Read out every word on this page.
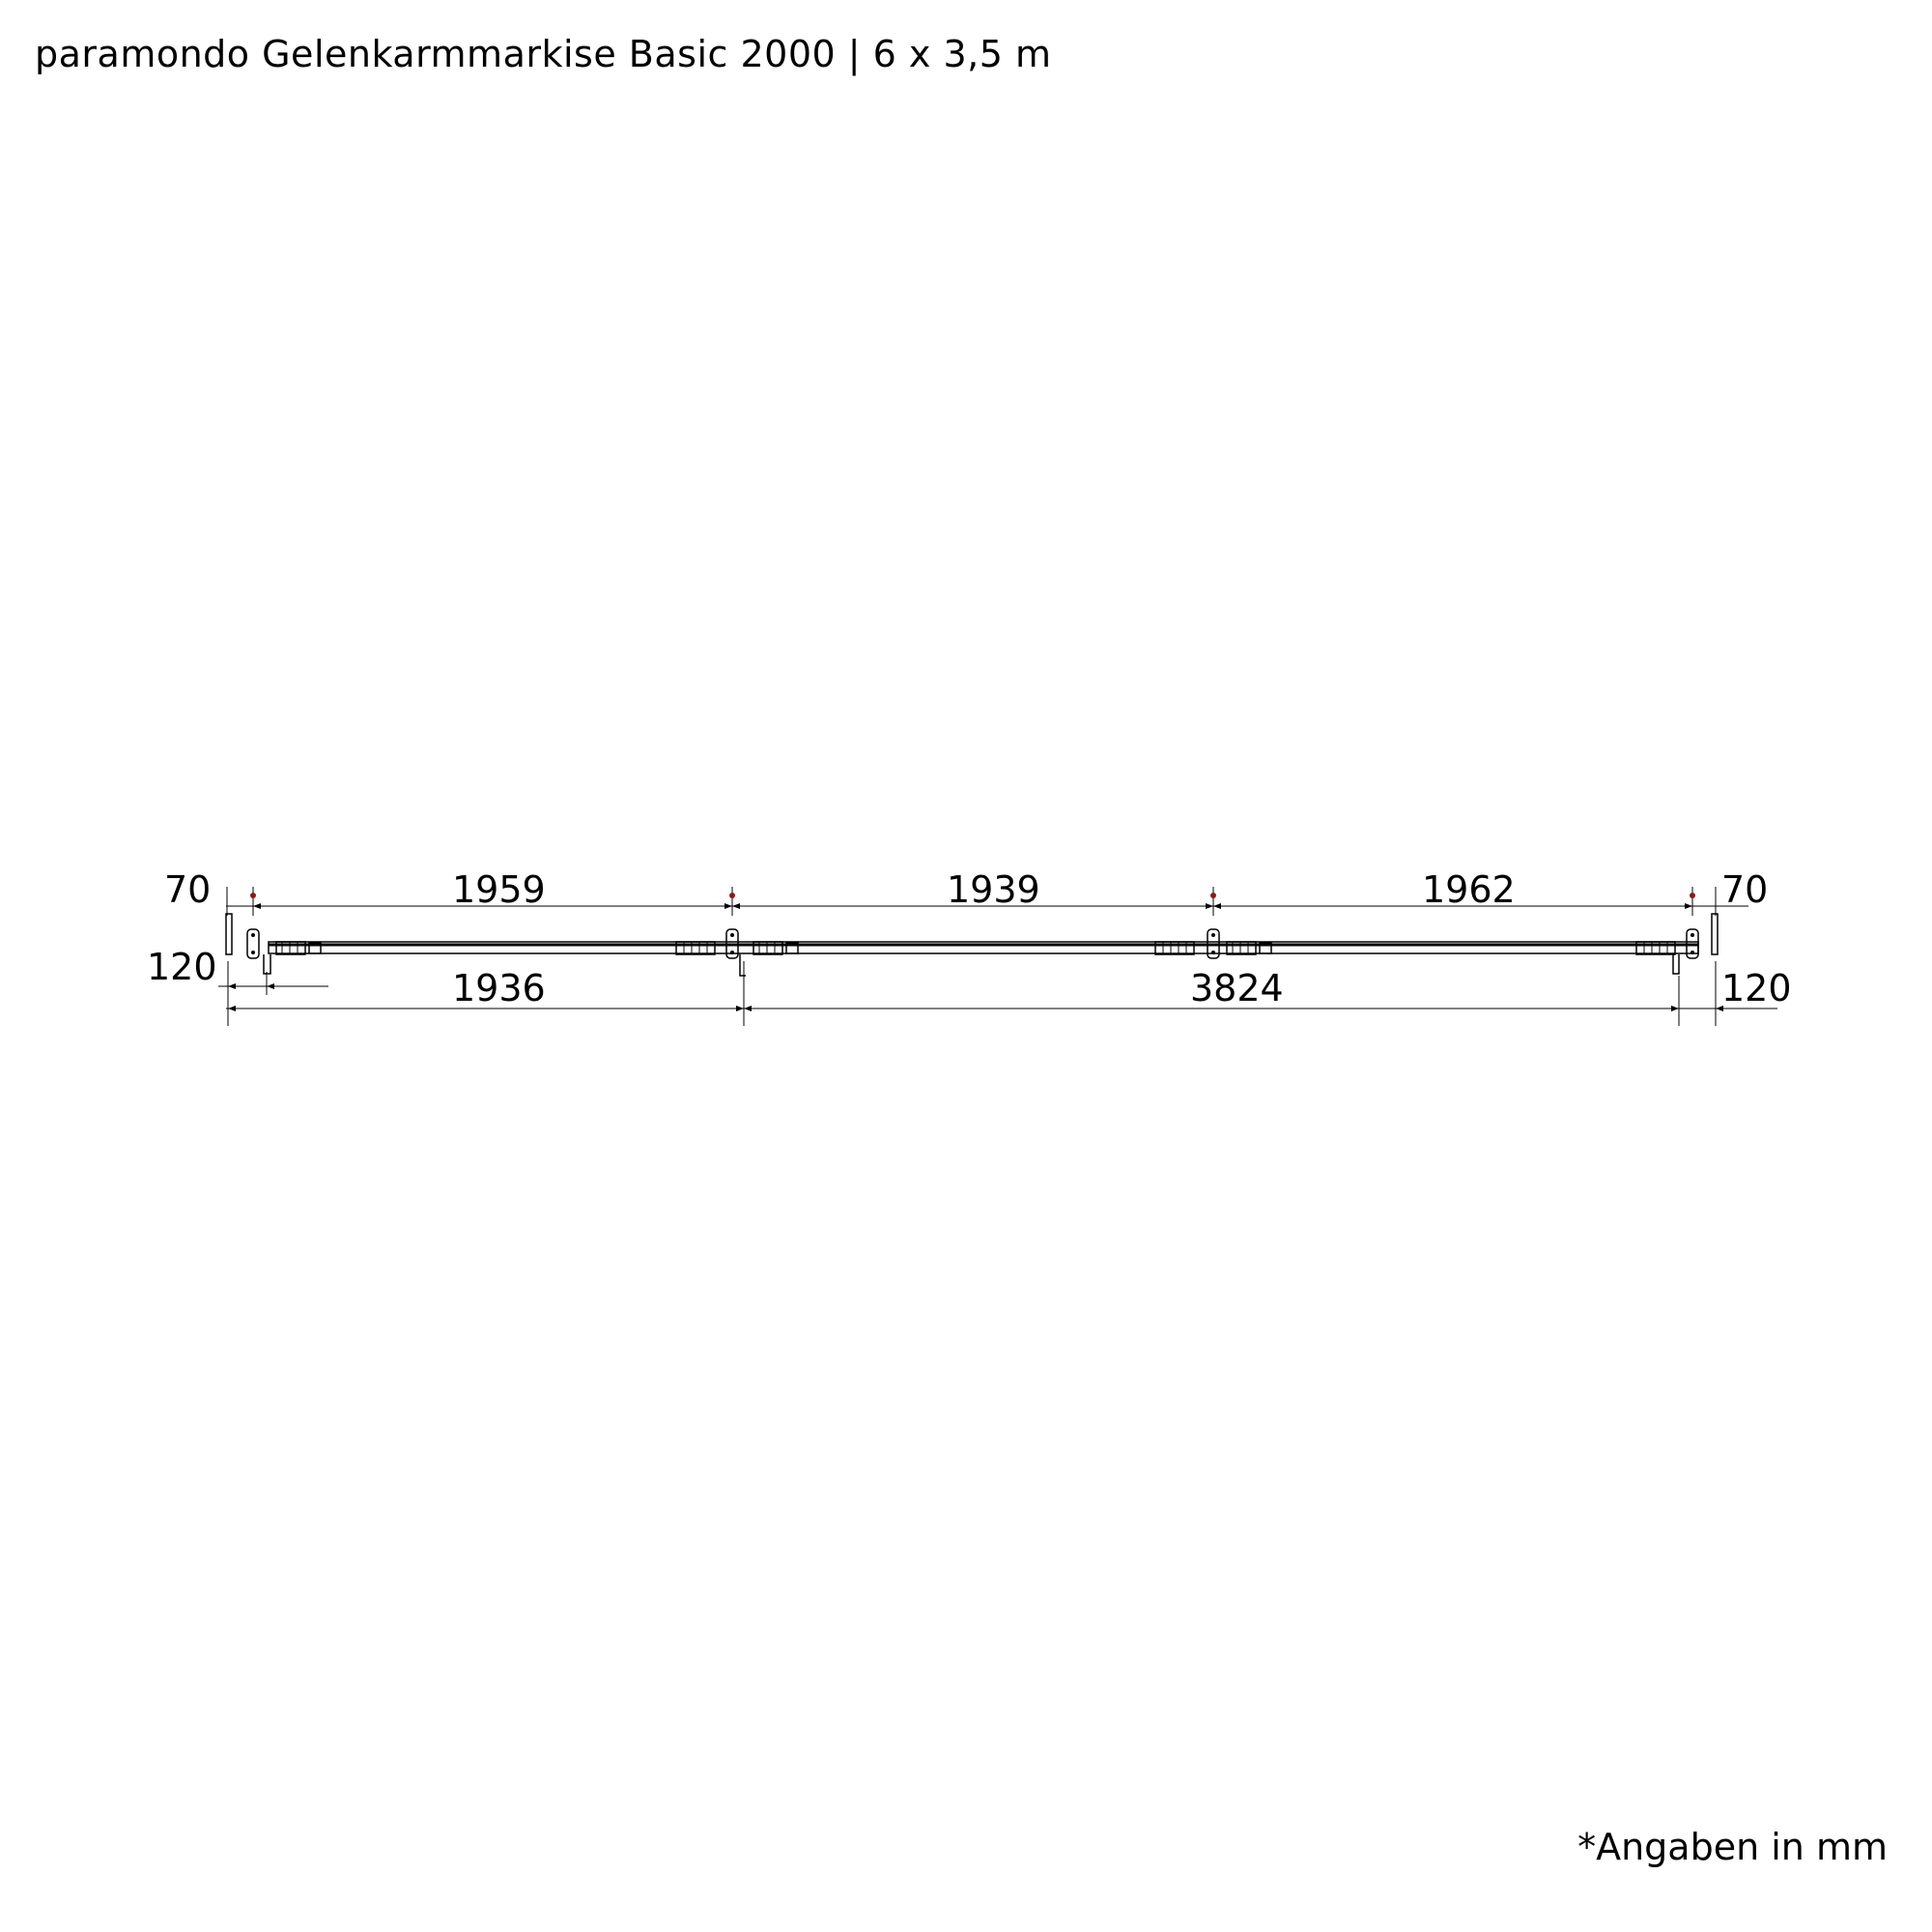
paramondo Gelenkarmmarkise Basic 2000 | 6 x 3,5 m
70	1959	1939	1962	70
120	1936	3824	120
*Angaben in mm
